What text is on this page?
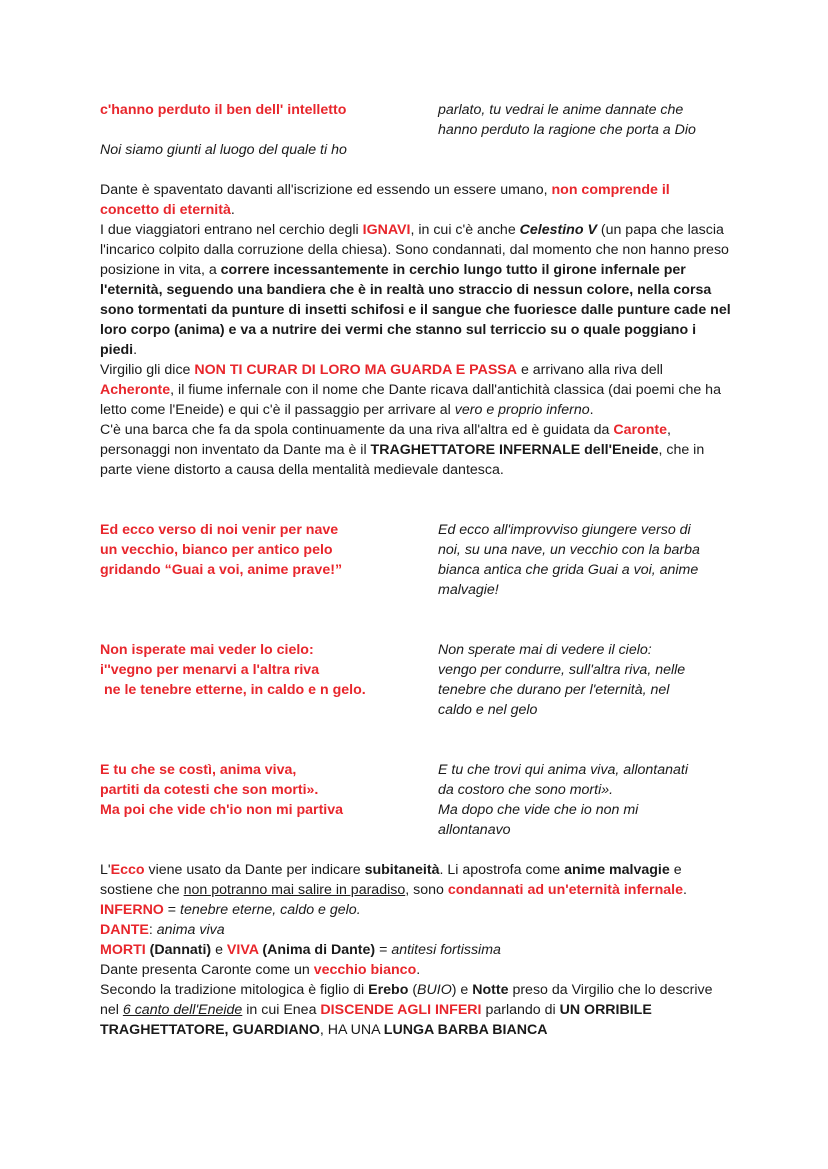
c'hanno perduto il ben dell' intelletto

Noi siamo giunti al luogo del quale ti ho

parlato, tu vedrai le anime dannate che

hanno perduto la ragione che porta a Dio

Dante è spaventato davanti all'iscrizione ed essendo un essere umano, non comprende il concetto di eternità.

I due viaggiatori entrano nel cerchio degli IGNAVI, in cui c'è anche Celestino V (un papa che lascia l'incarico colpito dalla corruzione della chiesa). Sono condannati, dal momento che non hanno preso posizione in vita, a correre incessantemente in cerchio lungo tutto il girone infernale per l'eternità, seguendo una bandiera che è in realtà uno straccio di nessun colore, nella corsa sono tormentati da punture di insetti schifosi e il sangue che fuoriesce dalle punture cade nel loro corpo (anima) e va a nutrire dei vermi che stanno sul terriccio su o quale poggiano i piedi.

Virgilio gli dice NON TI CURAR DI LORO MA GUARDA E PASSA e arrivano alla riva dell Acheronte, il fiume infernale con il nome che Dante ricava dall'antichità classica (dai poemi che ha letto come l'Eneide) e qui c'è il passaggio per arrivare al vero e proprio inferno.

C'è una barca che fa da spola continuamente da una riva all'altra ed è guidata da Caronte, personaggi non inventato da Dante ma è il TRAGHETTATORE INFERNALE dell'Eneide, che in parte viene distorto a causa della mentalità medievale dantesca.

Ed ecco verso di noi venir per nave

un vecchio, bianco per antico pelo

gridando “Guai a voi, anime prave!”

Ed ecco all'improvviso giungere verso di

noi, su una nave, un vecchio con la barba

bianca antica che grida Guai a voi, anime

malvagie!

Non isperate mai veder lo cielo:

i''vegno per menarvi a l'altra riva

ne le tenebre etterne, in caldo e n gelo.

Non sperate mai di vedere il cielo:

vengo per condurre, sull'altra riva, nelle

tenebre che durano per l'eternità, nel

caldo e nel gelo

E tu che se costì, anima viva,

partiti da cotesti che son morti».

Ma poi che vide ch'io non mi partiva

E tu che trovi qui anima viva, allontanati

da costoro che sono morti».

Ma dopo che vide che io non mi

allontanavo

L'Ecco viene usato da Dante per indicare subitaneità. Li apostrofa come anime malvagie e sostiene che non potranno mai salire in paradiso, sono condannati ad un'eternità infernale.

INFERNO = tenebre eterne, caldo e gelo.

DANTE: anima viva

MORTI (Dannati) e VIVA (Anima di Dante) = antitesi fortissima

Dante presenta Caronte come un vecchio bianco.

Secondo la tradizione mitologica è figlio di Erebo (BUIO) e Notte preso da Virgilio che lo descrive nel 6 canto dell'Eneide in cui Enea DISCENDE AGLI INFERI parlando di UN ORRIBILE TRAGHETTATORE, GUARDIANO, HA UNA LUNGA BARBA BIANCA
